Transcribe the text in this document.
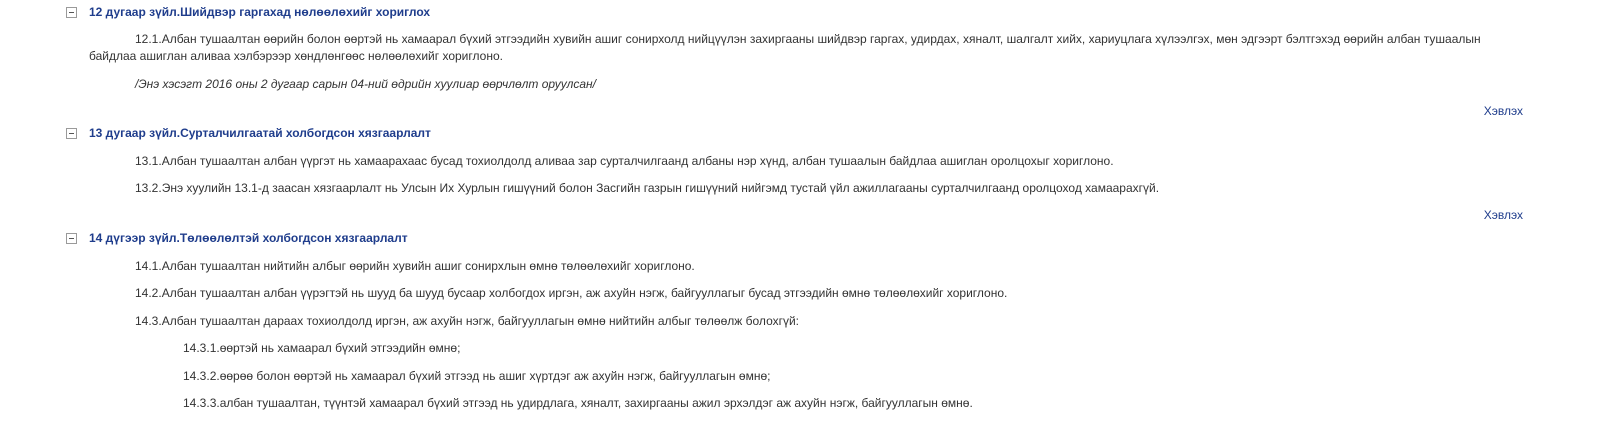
12 дугаар зүйл.Шийдвэр гаргахад нөлөөлөхийг хориглох
12.1.Албан тушаалтан өөрийн болон өөртэй нь хамаарал бүхий этгээдийн хувийн ашиг сонирхолд нийцүүлэн захиргааны шийдвэр гаргах, удирдах, хяналт, шалгалт хийх, хариуцлага хүлээлгэх, мөн эдгээрт бэлтгэхэд өөрийн албан тушаалын байдлаа ашиглан аливаа хэлбэрээр хөндлөнгөөс нөлөөлөхийг хориглоно.
/Энэ хэсэгт 2016 оны 2 дугаар сарын 04-ний өдрийн хуулиар өөрчлөлт оруулсан/
Хэвлэх
13 дугаар зүйл.Сурталчилгаатай холбогдсон хязгаарлалт
13.1.Албан тушаалтан албан үүргэт нь хамаарахаас бусад тохиолдолд аливаа зар сурталчилгаанд албаны нэр хүнд, албан тушаалын байдлаа ашиглан оролцохыг хориглоно.
13.2.Энэ хуулийн 13.1-д заасан хязгаарлалт нь Улсын Их Хурлын гишүүний болон Засгийн газрын гишүүний нийгэмд тустай үйл ажиллагааны сурталчилгаанд оролцоход хамаарахгүй.
Хэвлэх
14 дүгээр зүйл.Төлөөлөлтэй холбогдсон хязгаарлалт
14.1.Албан тушаалтан нийтийн албыг өөрийн хувийн ашиг сонирхлын өмнө төлөөлөхийг хориглоно.
14.2.Албан тушаалтан албан үүрэгтэй нь шууд ба шууд бусаар холбогдох иргэн, аж ахуйн нэгж, байгууллагыг бусад этгээдийн өмнө төлөөлөхийг хориглоно.
14.3.Албан тушаалтан дараах тохиолдолд иргэн, аж ахуйн нэгж, байгууллагын өмнө нийтийн албыг төлөөлж болохгүй:
14.3.1.өөртэй нь хамаарал бүхий этгээдийн өмнө;
14.3.2.өөрөө болон өөртэй нь хамаарал бүхий этгээд нь ашиг хүртдэг аж ахуйн нэгж, байгууллагын өмнө;
14.3.3.албан тушаалтан, түүнтэй хамаарал бүхий этгээд нь удирдлага, хяналт, захиргааны ажил эрхэлдэг аж ахуйн нэгж, байгууллагын өмнө.
